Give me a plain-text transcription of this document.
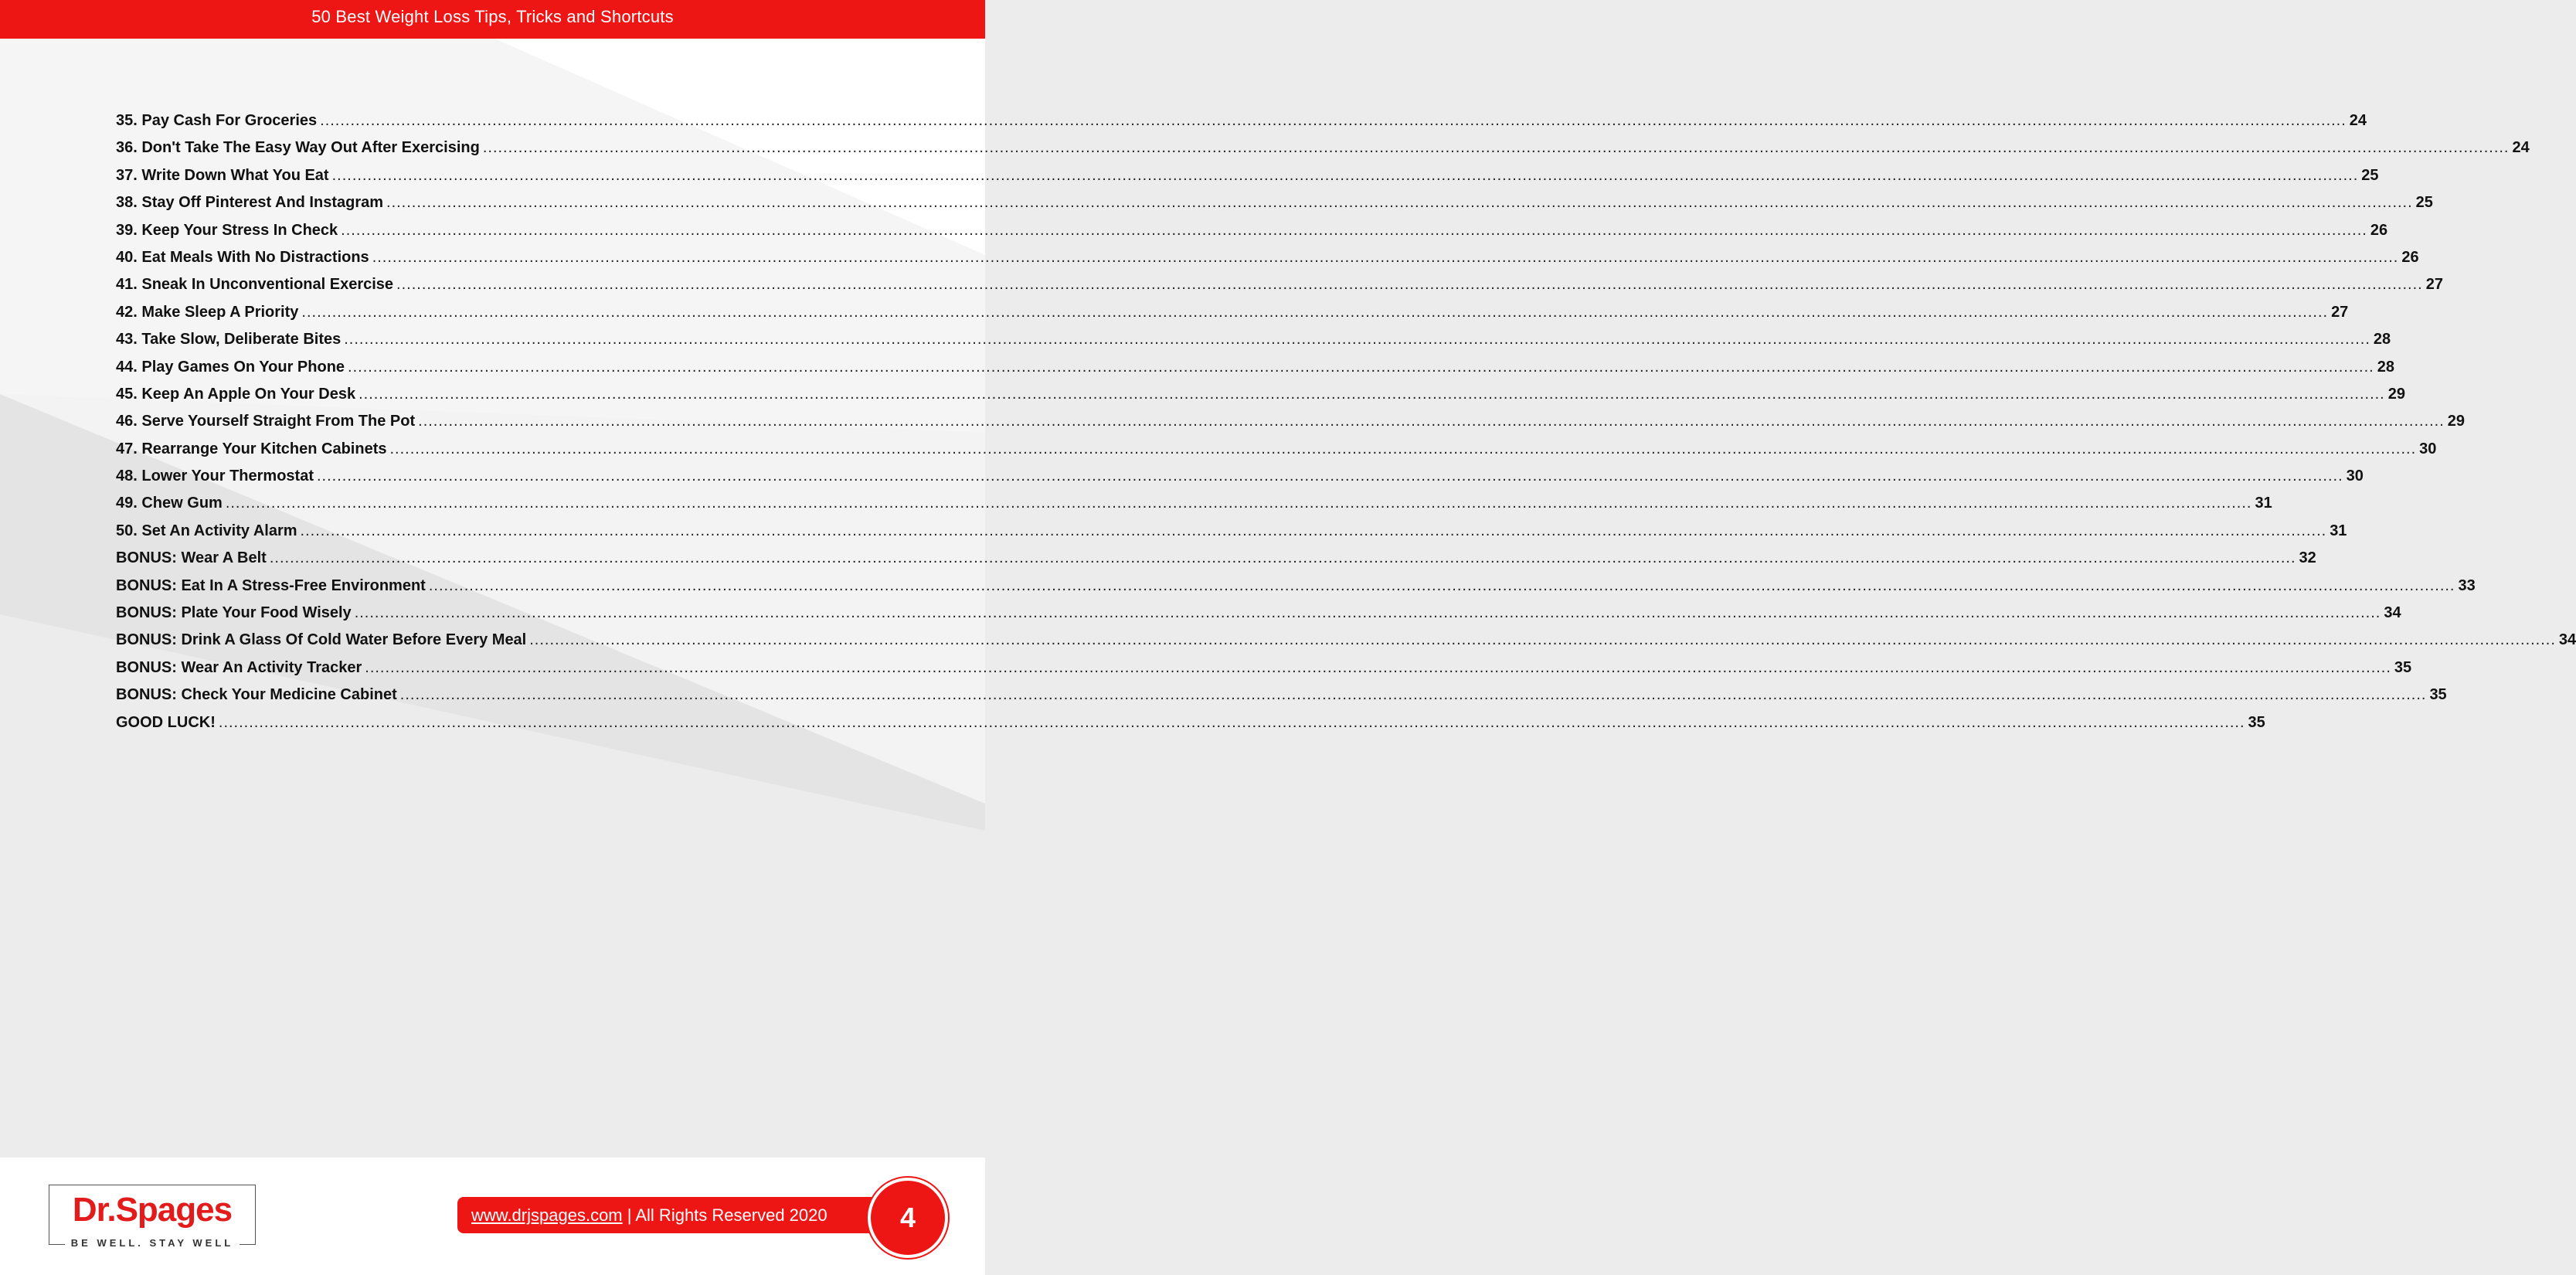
50 Best Weight Loss Tips, Tricks and Shortcuts
35. Pay Cash For Groceries ................................................................................................................................................................................................................................................................................................................................................................................................................ 24
36. Don't Take The Easy Way Out After Exercising ................................................................................................................................................................................................................................................................................................................................................................................................................ 24
37. Write Down What You Eat ................................................................................................................................................................................................................................................................................................................................................................................................................ 25
38. Stay Off Pinterest And Instagram ................................................................................................................................................................................................................................................................................................................................................................................................................ 25
39. Keep Your Stress In Check ................................................................................................................................................................................................................................................................................................................................................................................................................ 26
40. Eat Meals With No Distractions ................................................................................................................................................................................................................................................................................................................................................................................................................ 26
41. Sneak In Unconventional Exercise ................................................................................................................................................................................................................................................................................................................................................................................................................ 27
42. Make Sleep A Priority ................................................................................................................................................................................................................................................................................................................................................................................................................ 27
43. Take Slow, Deliberate Bites ................................................................................................................................................................................................................................................................................................................................................................................................................ 28
44. Play Games On Your Phone ................................................................................................................................................................................................................................................................................................................................................................................................................ 28
45. Keep An Apple On Your Desk ................................................................................................................................................................................................................................................................................................................................................................................................................ 29
46. Serve Yourself Straight From The Pot ................................................................................................................................................................................................................................................................................................................................................................................................................ 29
47. Rearrange Your Kitchen Cabinets ................................................................................................................................................................................................................................................................................................................................................................................................................ 30
48. Lower Your Thermostat ................................................................................................................................................................................................................................................................................................................................................................................................................ 30
49. Chew Gum ................................................................................................................................................................................................................................................................................................................................................................................................................ 31
50. Set An Activity Alarm ................................................................................................................................................................................................................................................................................................................................................................................................................ 31
BONUS: Wear A Belt ................................................................................................................................................................................................................................................................................................................................................................................................................ 32
BONUS: Eat In A Stress-Free Environment ................................................................................................................................................................................................................................................................................................................................................................................................................ 33
BONUS: Plate Your Food Wisely ................................................................................................................................................................................................................................................................................................................................................................................................................ 34
BONUS: Drink A Glass Of Cold Water Before Every Meal ................................................................................................................................................................................................................................................................................................................................................................................................................ 34
BONUS: Wear An Activity Tracker ................................................................................................................................................................................................................................................................................................................................................................................................................ 35
BONUS: Check Your Medicine Cabinet ................................................................................................................................................................................................................................................................................................................................................................................................................ 35
GOOD LUCK! ................................................................................................................................................................................................................................................................................................................................................................................................................ 35
Dr.Spages
BE WELL. STAY WELL
www.drjspages.com | All Rights Reserved 2020	4
